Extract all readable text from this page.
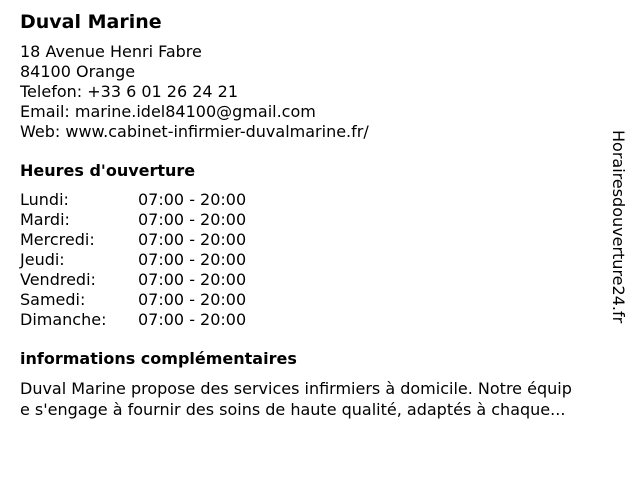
Duval Marine
18 Avenue Henri Fabre
84100 Orange
Telefon: +33 6 01 26 24 21
Email: marine.idel84100@gmail.com
Web: www.cabinet-infirmier-duvalmarine.fr/
Heures d'ouverture
Lundi:	07:00 - 20:00
Mardi:	07:00 - 20:00
Mercredi:	07:00 - 20:00
Jeudi:	07:00 - 20:00
Vendredi:	07:00 - 20:00
Samedi:	07:00 - 20:00
Dimanche:	07:00 - 20:00
informations complémentaires
Duval Marine propose des services infirmiers à domicile. Notre équip
e s'engage à fournir des soins de haute qualité, adaptés à chaque...
Horairesdouverture24.fr
